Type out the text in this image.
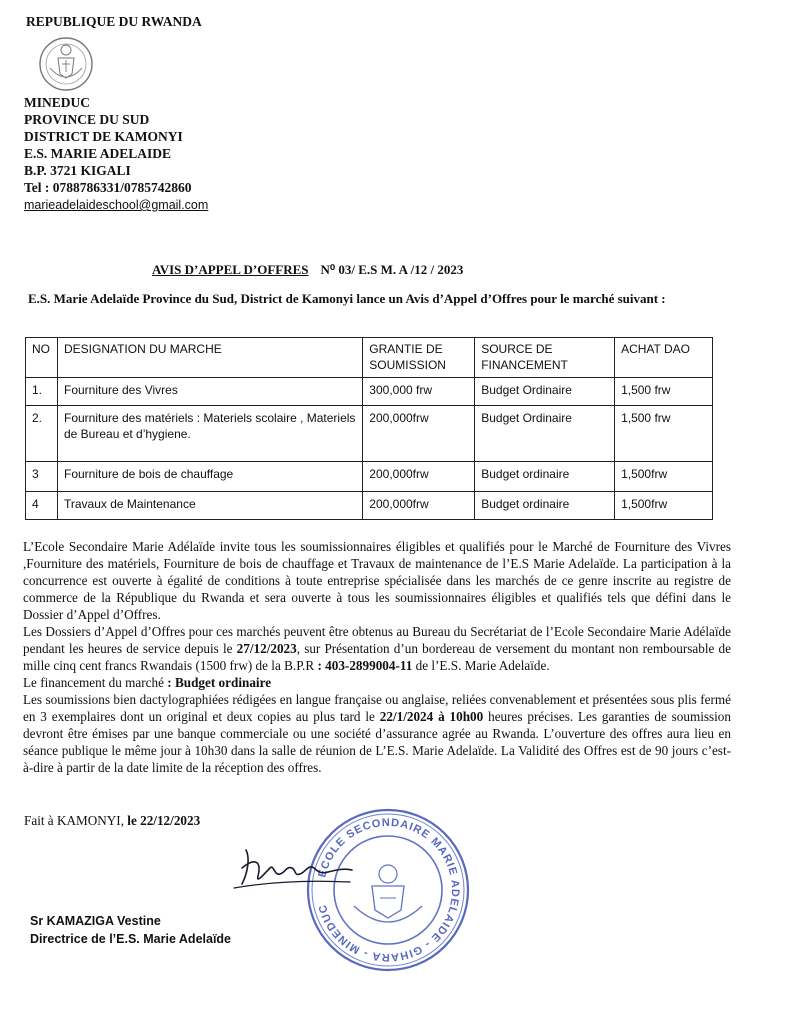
REPUBLIQUE DU RWANDA
MINEDUC
PROVINCE DU SUD
DISTRICT DE KAMONYI
E.S. MARIE ADELAIDE
B.P. 3721 KIGALI
Tel : 0788786331/0785742860
marieadelaideschool@gmail.com
AVIS D’APPEL D’OFFRES N⁰ 03/ E.S M. A /12 / 2023
E.S. Marie Adelaïde Province du Sud, District de Kamonyi lance un Avis d’Appel d’Offres pour le marché suivant :
NO	DESIGNATION DU MARCHE	GRANTIE DE SOUMISSION	SOURCE DE FINANCEMENT	ACHAT DAO
1.	Fourniture des Vivres	300,000 frw	Budget Ordinaire	1,500 frw
2.	Fourniture des matériels : Materiels scolaire , Materiels de Bureau et d’hygiene.	200,000frw	Budget Ordinaire	1,500 frw
3	Fourniture de bois de chauffage	200,000frw	Budget ordinaire	1,500frw
4	Travaux de Maintenance	200,000frw	Budget ordinaire	1,500frw

L’Ecole Secondaire Marie Adélaïde invite tous les soumissionnaires éligibles et qualifiés pour le Marché de Fourniture des Vivres ,Fourniture des matériels, Fourniture de bois de chauffage et Travaux de maintenance de l’E.S Marie Adelaïde. La participation à la concurrence est ouverte à égalité de conditions à toute entreprise spécialisée dans les marchés de ce genre inscrite au registre de commerce de la République du Rwanda et sera ouverte à tous les soumissionnaires éligibles et qualifiés tels que défini dans le Dossier d’Appel d’Offres.

Les Dossiers d’Appel d’Offres pour ces marchés peuvent être obtenus au Bureau du Secrétariat de l’Ecole Secondaire Marie Adélaïde pendant les heures de service depuis le 27/12/2023, sur Présentation d’un bordereau de versement du montant non remboursable de mille cinq cent francs Rwandais (1500 frw) de la B.P.R : 403-2899004-11 de l’E.S. Marie Adelaïde.

Le financement du marché : Budget ordinaire

Les soumissions bien dactylographiées rédigées en langue française ou anglaise, reliées convenablement et présentées sous plis fermé en 3 exemplaires dont un original et deux copies au plus tard le 22/1/2024 à 10h00 heures précises. Les garanties de soumission devront être émises par une banque commerciale ou une société d’assurance agrée au Rwanda. L’ouverture des offres aura lieu en séance publique le même jour à 10h30 dans la salle de réunion de L’E.S. Marie Adelaïde. La Validité des Offres est de 90 jours c’est-à-dire à partir de la date limite de la réception des offres.

Fait à KAMONYI, le 22/12/2023
ECOLE SECONDAIRE MARIE ADELAIDE - GIHARA - MINEDUC
Sr KAMAZIGA Vestine
Directrice de l’E.S. Marie Adelaïde
